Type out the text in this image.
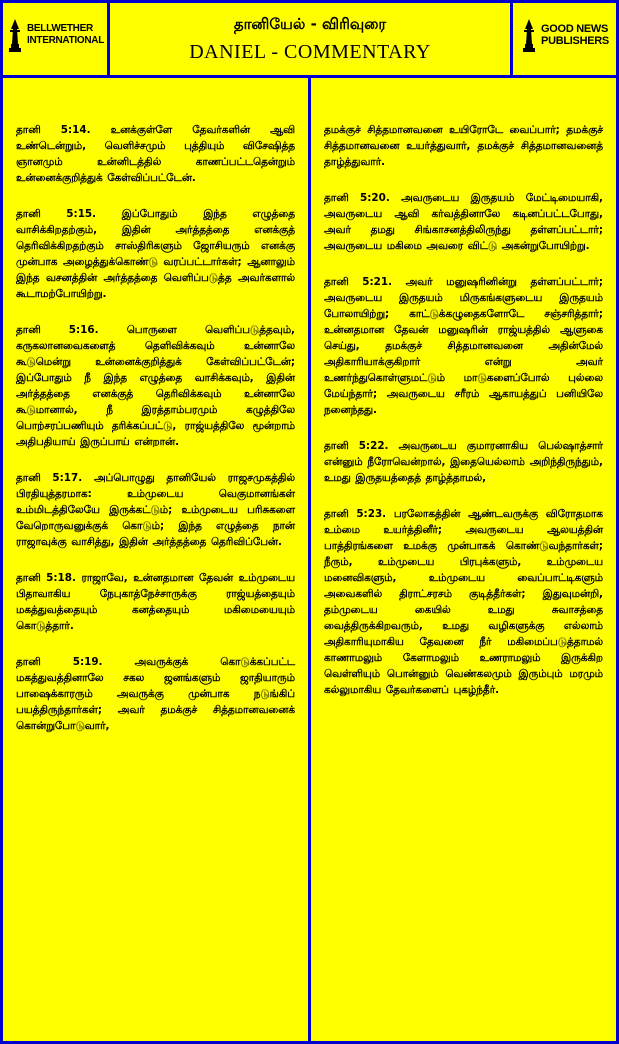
BELLWETHER
INTERNATIONAL
தானியேல் - விரிவுரை
DANIEL - COMMENTARY
GOOD NEWS
PUBLISHERS

தானி 5:14. உனக்குள்ளே தேவர்களின் ஆவி உண்டென்றும், வெளிச்சமும் புத்தியும் விசேஷித்த ஞானமும் உன்னிடத்தில் காணப்பட்டதென்றும் உன்னைக்குறித்துக் கேள்விப்பட்டேன்.

தானி 5:15. இப்போதும் இந்த எழுத்தை வாசிக்கிறதற்கும், இதின் அர்த்தத்தை எனக்குத் தெரிவிக்கிறதற்கும் சாஸ்திரிகளும் ஜோசியரும் எனக்கு முன்பாக அழைத்துக்கொண்டு வரப்பட்டார்கள்; ஆனாலும் இந்த வசனத்தின் அர்த்தத்தை வெளிப்படுத்த அவர்களால் கூடாமற்போயிற்று.

தானி 5:16. பொருளை வெளிப்படுத்தவும், கருகலானவைகளைத் தெளிவிக்கவும் உன்னாலே கூடுமென்று உன்னைக்குறித்துக் கேள்விப்பட்டேன்; இப்போதும் நீ இந்த எழுத்தை வாசிக்கவும், இதின் அர்த்தத்தை எனக்குத் தெரிவிக்கவும் உன்னாலே கூடுமானால், நீ இரத்தாம்பரமும் கழுத்திலே பொற்சரப்பணியும் தரிக்கப்பட்டு, ராஜ்யத்திலே மூன்றாம் அதிபதியாய் இருப்பாய் என்றான்.

தானி 5:17. அப்பொழுது தானியேல் ராஜசமுகத்தில் பிரதியுத்தரமாக: உம்முடைய வெகுமானங்கள் உம்மிடத்திலேயே இருக்கட்டும்; உம்முடைய பரிசுகளை வேறொருவனுக்குக் கொடும்; இந்த எழுத்தை நான் ராஜாவுக்கு வாசித்து, இதின் அர்த்தத்தை தெரிவிப்பேன்.

தானி 5:18. ராஜாவே, உன்னதமான தேவன் உம்முடைய பிதாவாகிய நேபுகாத்நேச்சாருக்கு ராஜ்யத்தையும் மகத்துவத்தையும் கனத்தையும் மகிமையையும் கொடுத்தார்.

தானி 5:19. அவருக்குக் கொடுக்கப்பட்ட மகத்துவத்தினாலே சகல ஜனங்களும் ஜாதியாரும் பாஷைக்காரரும் அவருக்கு முன்பாக நடுங்கிப் பயத்திருந்தார்கள்; அவர் தமக்குச் சித்தமானவனைக் கொன்றுபோடுவார்,

தமக்குச் சித்தமானவனை உயிரோடே வைப்பார்; தமக்குச் சித்தமானவனை உயர்த்துவார், தமக்குச் சித்தமானவனைத் தாழ்த்துவார்.

தானி 5:20. அவருடைய இருதயம் மேட்டிமையாகி, அவருடைய ஆவி கர்வத்தினாலே கடினப்பட்டபோது, அவர் தமது சிங்காசனத்திலிருந்து தள்ளப்பட்டார்; அவருடைய மகிமை அவரை விட்டு அகன்றுபோயிற்று.

தானி 5:21. அவர் மனுஷரினின்று தள்ளப்பட்டார்; அவருடைய இருதயம் மிருகங்களுடைய இருதயம் போலாயிற்று; காட்டுக்கழுதைகளோடே சஞ்சரித்தார்; உன்னதமான தேவன் மனுஷரின் ராஜ்யத்தில் ஆளுகை செய்து, தமக்குச் சித்தமானவனை அதின்மேல் அதிகாரியாக்குகிறார் என்று அவர் உணர்ந்துகொள்ளுமட்டும் மாடுகளைப்போல் புல்லை மேய்ந்தார்; அவருடைய சரீரம் ஆகாயத்துப் பனியிலே நனைந்தது.

தானி 5:22. அவருடைய குமாரனாகிய பெல்ஷாத்சார் என்னும் நீரோவென்றால், இதையெல்லாம் அறிந்திருந்தும், உமது இருதயத்தைத் தாழ்த்தாமல்,

தானி 5:23. பரலோகத்தின் ஆண்டவருக்கு விரோதமாக உம்மை உயர்த்தினீர்; அவருடைய ஆலயத்தின் பாத்திரங்களை உமக்கு முன்பாகக் கொண்டுவந்தார்கள்; நீரும், உம்முடைய பிரபுக்களும், உம்முடைய மனைவிகளும், உம்முடைய வைப்பாட்டிகளும் அவைகளில் திராட்சரசம் குடித்தீர்கள்; இதுவுமன்றி, தம்முடைய கையில் உமது சுவாசத்தை வைத்திருக்கிறவரும், உமது வழிகளுக்கு எல்லாம் அதிகாரியுமாகிய தேவனை நீர் மகிமைப்படுத்தாமல் காணாமலும் கேளாமலும் உணராமலும் இருக்கிற வெள்ளியும் பொன்னும் வெண்கலமும் இரும்பும் மரமும் கல்லுமாகிய தேவர்களைப் புகழ்ந்தீர்.
